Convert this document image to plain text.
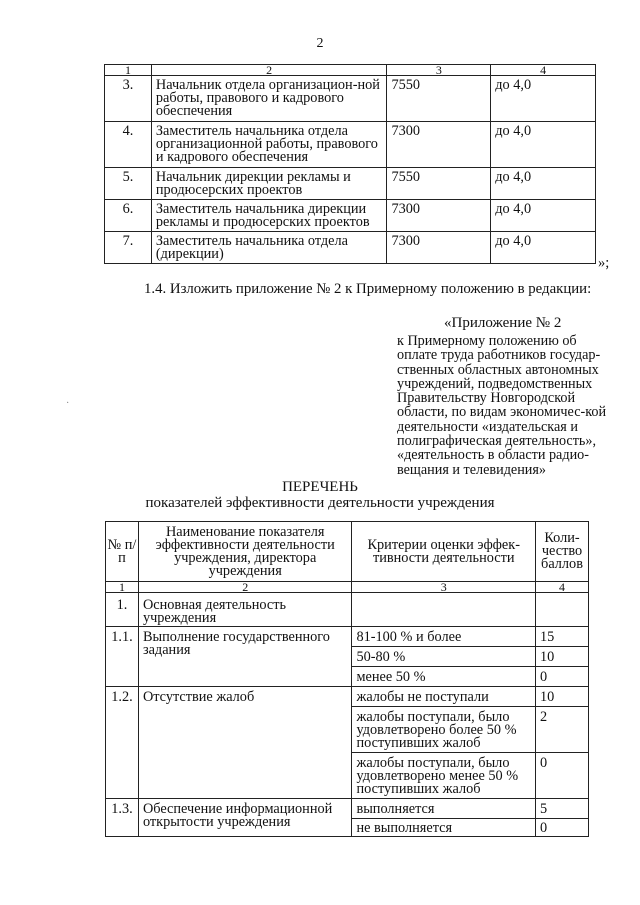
2
1	2	3	4
3.	Начальник отдела организацион-ной работы, правового и кадрового обеспечения	7550	до 4,0
4.	Заместитель начальника отдела организационной работы, правового и кадрового обеспечения	7300	до 4,0
5.	Начальник дирекции рекламы и продюсерских проектов	7550	до 4,0
6.	Заместитель начальника дирекции рекламы и продюсерских проектов	7300	до 4,0
7.	Заместитель начальника отдела (дирекции)	7300	до 4,0
»;
1.4. Изложить приложение № 2 к Примерному положению в редакции:
«Приложение № 2
к Примерному положению об оплате труда работников государ-ственных областных автономных учреждений, подведомственных Правительству Новгородской области, по видам экономичес-кой деятельности «издательская и полиграфическая деятельность», «деятельность в области радио-вещания и телевидения»
·
ПЕРЕЧЕНЬ
показателей эффективности деятельности учреждения
№ п/п	Наименование показателя эффективности деятельности учреждения, директора учреждения	Критерии оценки эффек-тивности деятельности	Коли-чество баллов
1	2	3	4
1.	Основная деятельность учреждения		
1.1.	Выполнение государственного задания	81-100 % и более	15
		50-80 %	10
		менее 50 %	0
1.2.	Отсутствие жалоб	жалобы не поступали	10
		жалобы поступали, было удовлетворено более 50 % поступивших жалоб	2
		жалобы поступали, было удовлетворено менее 50 % поступивших жалоб	0
1.3.	Обеспечение информационной открытости учреждения	выполняется	5
		не выполняется	0
